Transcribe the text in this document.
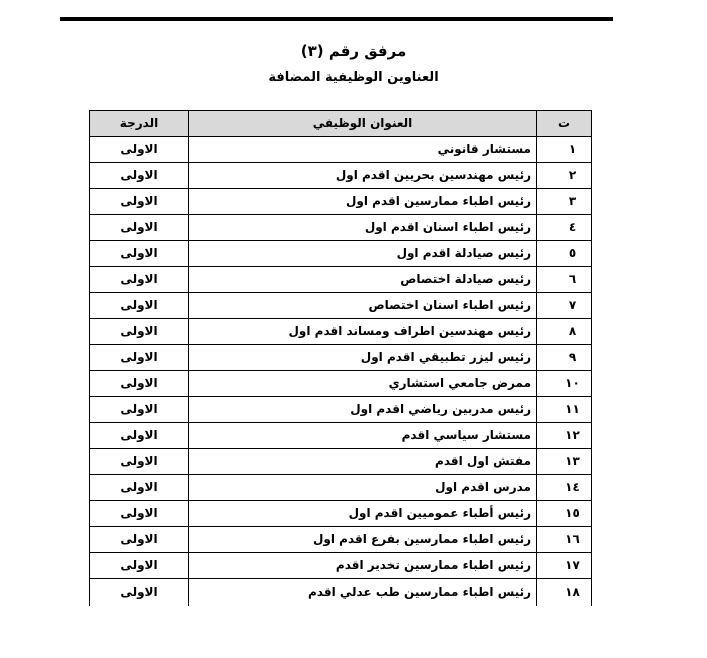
مرفق رقم (٣)
العناوين الوظيفية المضافة
ت	العنوان الوظيفي	الدرجة
١	مستشار قانوني	الاولى
٢	رئيس مهندسين بحريين اقدم اول	الاولى
٣	رئيس اطباء ممارسين اقدم اول	الاولى
٤	رئيس اطباء اسنان اقدم اول	الاولى
٥	رئيس صيادلة اقدم اول	الاولى
٦	رئيس صيادلة اختصاص	الاولى
٧	رئيس اطباء اسنان اختصاص	الاولى
٨	رئيس مهندسين اطراف ومساند اقدم اول	الاولى
٩	رئيس ليزر تطبيقي اقدم اول	الاولى
١٠	ممرض جامعي استشاري	الاولى
١١	رئيس مدربين رياضي اقدم اول	الاولى
١٢	مستشار سياسي اقدم	الاولى
١٣	مفتش اول اقدم	الاولى
١٤	مدرس اقدم اول	الاولى
١٥	رئيس أطباء عموميين اقدم اول	الاولى
١٦	رئيس اطباء ممارسين بفرع اقدم اول	الاولى
١٧	رئيس اطباء ممارسين تخدير اقدم	الاولى
١٨	رئيس اطباء ممارسين طب عدلي اقدم	الاولى
